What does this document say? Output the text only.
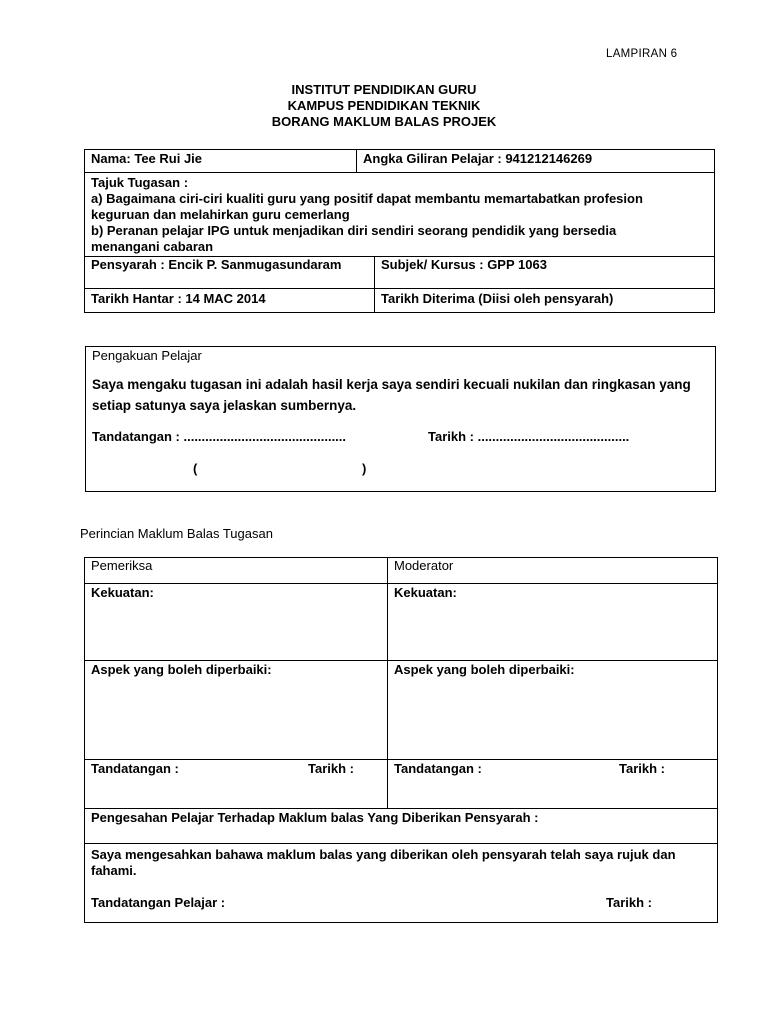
LAMPIRAN 6
INSTITUT PENDIDIKAN GURU
KAMPUS PENDIDIKAN TEKNIK
BORANG MAKLUM BALAS PROJEK
Nama: Tee Rui Jie	Angka Giliran Pelajar : 941212146269
Tajuk Tugasan :
a) Bagaimana ciri-ciri kualiti guru yang positif dapat membantu memartabatkan profesion keguruan dan melahirkan guru cemerlang
b) Peranan pelajar IPG untuk menjadikan diri sendiri seorang pendidik yang bersedia menangani cabaran
Pensyarah : Encik P. Sanmugasundaram	Subjek/ Kursus : GPP 1063
Tarikh Hantar : 14 MAC 2014	Tarikh Diterima (Diisi oleh pensyarah)
Pengakuan Pelajar
Saya mengaku tugasan ini adalah hasil kerja saya sendiri kecuali nukilan dan ringkasan yang
setiap satunya saya jelaskan sumbernya.
Tandatangan : .............................................	Tarikh : ..........................................
(	)
Perincian Maklum Balas Tugasan
Pemeriksa	Moderator
Kekuatan:	Kekuatan:
Aspek yang boleh diperbaiki:	Aspek yang boleh diperbaiki:
Tandatangan :	Tarikh :	Tandatangan :	Tarikh :
Pengesahan Pelajar Terhadap Maklum balas Yang Diberikan Pensyarah :
Saya mengesahkan bahawa maklum balas yang diberikan oleh pensyarah telah saya rujuk dan fahami.
Tandatangan Pelajar :	Tarikh :
